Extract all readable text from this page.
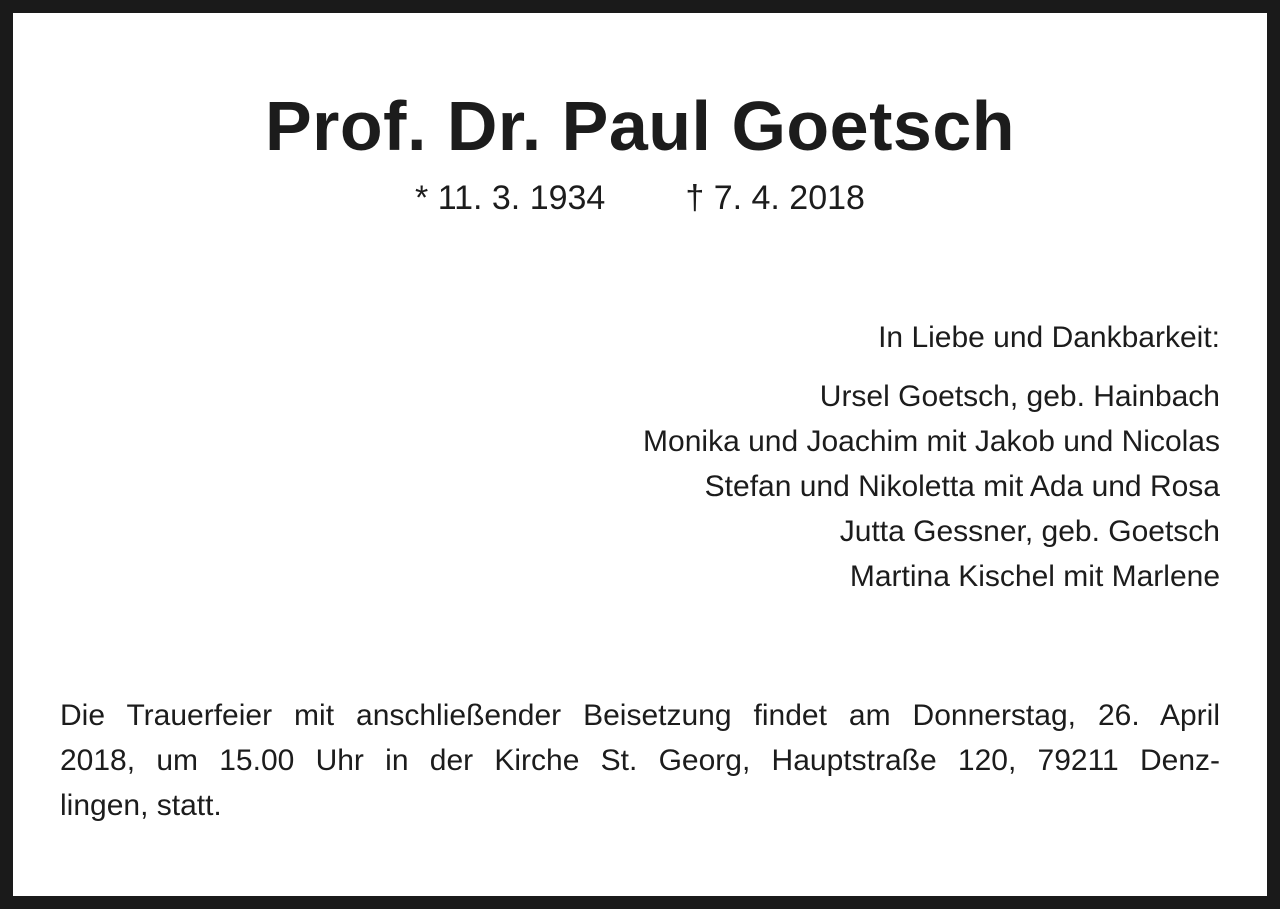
Prof. Dr. Paul Goetsch
* 11. 3. 1934 † 7. 4. 2018
In Liebe und Dankbarkeit:
Ursel Goetsch, geb. Hainbach
Monika und Joachim mit Jakob und Nicolas
Stefan und Nikoletta mit Ada und Rosa
Jutta Gessner, geb. Goetsch
Martina Kischel mit Marlene
Die Trauerfeier mit anschließender Beisetzung findet am Donnerstag, 26. April
2018, um 15.00 Uhr in der Kirche St. Georg, Hauptstraße 120, 79211 Denz-
lingen, statt.
